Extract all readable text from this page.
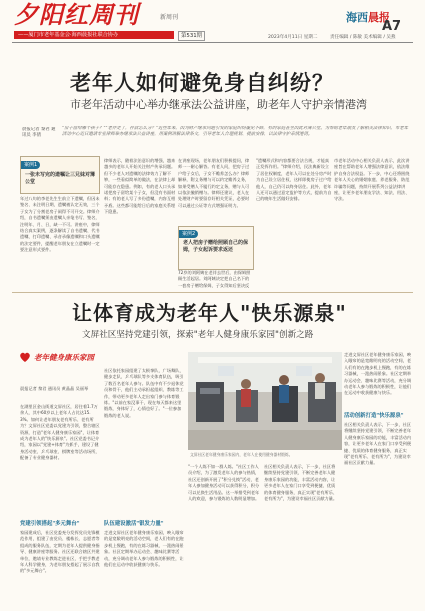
夕阳红周刊	新周刊
——厦门市老年基金会·海西晨报社联合协办	第531期
海西晨报
A7
2023年4月11日 星期二	责任编辑 / 陈敏 美术编辑 / 吴燕
老年人如何避免身自纠纷？
市老年活动中心举办继承法公益讲座，助老年人守护亲情港湾
晨报记者 黎君 通讯员 李倩
"房子留给哪个孩子？""老伴走了，存款怎么分？"近些年来，因为财产继承问题引发的家庭纠纷屡见不鲜，有的家庭甚至因此对簿公堂。为帮助老年朋友了解相关法律知识，市老年活动中心近日邀请专业律师举办继承法公益讲座，用案例讲解法律条文，引导老年人合理规划、提前安排，以法律守护亲情港湾。
案例1
一张未写完的遗嘱让三兄妹对簿公堂
年过八旬的李老先生生前立下遗嘱，但因未签名、未注明日期，遗嘱被认定无效，三个子女为了分割老房子闹得不可开交。律师介绍，自书遗嘱须由遗嘱人亲笔书写、签名，注明年、月、日，缺一不可。讲座中，律师结合真实案例，逐条解读了自书遗嘱、代书遗嘱、打印遗嘱、录音录像遗嘱和口头遗嘱的法定要件，提醒老年朋友在立遗嘱时一定要注意形式要件。
律师表示，随着法治意识的增强，越来越多的老年人开始关注财产传承问题。但不少老人对遗嘱的法律效力了解不够，一些看似简单的做法，在法律上却可能存在隐患。例如，有的老人口头承诺把房子留给某个子女，但没有书面材料；有的老人写了多份遗嘱，内容互相矛盾。这些都可能给日后的家庭关系埋下隐患。
在讲座现场，老年朋友们积极提问，律师一一耐心解答。有老人问，把房子过户给子女后，子女不赡养怎么办？律师解释，附义务赠与可以约定赡养义务，如果受赠人不履行约定义务，赠与人可以依法撤销赠与。律师还建议，老人在处理财产时要留存好相关凭证，必要时可以通过公证等方式增强证明力。
案例2
老人把房子赠给照顾自己的保姆，子女起诉要求返还
72岁的刘阿姨在老伴去世后，由保姆照顾生活起居。刘阿姨决定把自己名下的一套房子赠给保姆，子女得知后坚决反
"遗嘱形式和内容都要合法合规，才能真正发挥作用。"律师介绍，民法典新设立了居住权制度，老年人可以在处分房产时为自己设立居住权，这样即使房子过户给他人，自己仍可以终身居住。此外，老年人还可以通过意定监护等方式，提前为自己的晚年生活做好安排。
市老年活动中心相关负责人表示，此次讲座旨在帮助老年人增强法律意识，依法维护自身合法权益。下一步，中心还将围绕老年人关心的婚姻家庭、养老服务、防范诈骗等问题，持续开展系列公益法律讲座，让更多老年朋友学法、知法、用法、守法。
让体育成为老年人"快乐源泉"
文屏社区坚持党建引领，探索"老年人健身康乐家园"创新之路
老年健身康乐家园
晨报记者 黎君 通讯员 黄晶晶 吴丽琴
在湖里区金山街道文屏社区，居住着1.7万余人，其中60岁以上老年人占比达15.3%。如何让老年朋友老有所乐、老有所为？文屏社区党委以党建为引领，整合辖区资源，打造"老年人健身康乐家园"，让体育成为老年人的"快乐源泉"。社区党委书记介绍，家园以"党建+体育"为抓手，建设了健身活动室、乒乓球室、棋牌室等活动场所，配备了专业健身器材。
党建引领搭起"多元舞台"
家园建成后，社区党委充分发挥党员先锋模范作用，组建了由党员、楼栋长、志愿者等组成的服务队伍，定期为老年人提供健身指导、健康讲座等服务。社区还联合辖区共建单位，邀请专业教练走进社区，手把手教老年人科学健身，为老年朋友搭起了展示自我的"多元舞台"。
社区依托家园组建了太极拳队、广场舞队、健步走队、乒乓球队等多支体育队伍，吸引了数百名老年人参与。队伍中有不少退休党员和骨干，他们主动承担起组织、教练等工作，带动更多老年人走出家门参与体育锻炼。"以前在家没事干，现在每天都来这里锻炼，身体好了，心情也好了。"一位参加锻炼的老人说。
队伍建设激活"银发力量"
走进文屏社区老年健身康乐家园，映入眼帘的是宽敞明亮的活动空间，老人们有的在跑步机上慢跑，有的在练习器械，一派热闹景象。社区定期举办运动会、趣味比赛等活动，充分调动老年人参与锻炼的积极性，让他们在运动中收获健康与快乐。
文屏社区老年健身康乐家园内，老年人在使用健身器材锻炼。
"一个人练不如一群人练。"社区工作人员介绍，为了激发老年人的参与热情，社区还创新开展了"积分兑换"活动，老年人参加健身活动可以获得积分，积分可以兑换生活用品。这一举措受到老年人的欢迎，参与锻炼的人数明显增加。
社区相关负责人表示，下一步，社区将继续坚持党建引领，不断完善老年人健身康乐家园的功能，丰富活动内容，让更多老年人在家门口享受到便捷、优质的体育健身服务，真正实现"老有所乐、老有所为"，为建设幸福社区贡献力量。
走进文屏社区老年健身康乐家园，映入眼帘的是宽敞明亮的活动空间，老人们有的在跑步机上慢跑，有的在练习器械，一派热闹景象。社区定期举办运动会、趣味比赛等活动，充分调动老年人参与锻炼的积极性，让他们在运动中收获健康与快乐。
活动创新打造"快乐源泉"
社区相关负责人表示，下一步，社区将继续坚持党建引领，不断完善老年人健身康乐家园的功能，丰富活动内容，让更多老年人在家门口享受到便捷、优质的体育健身服务，真正实现"老有所乐、老有所为"，为建设幸福社区贡献力量。
